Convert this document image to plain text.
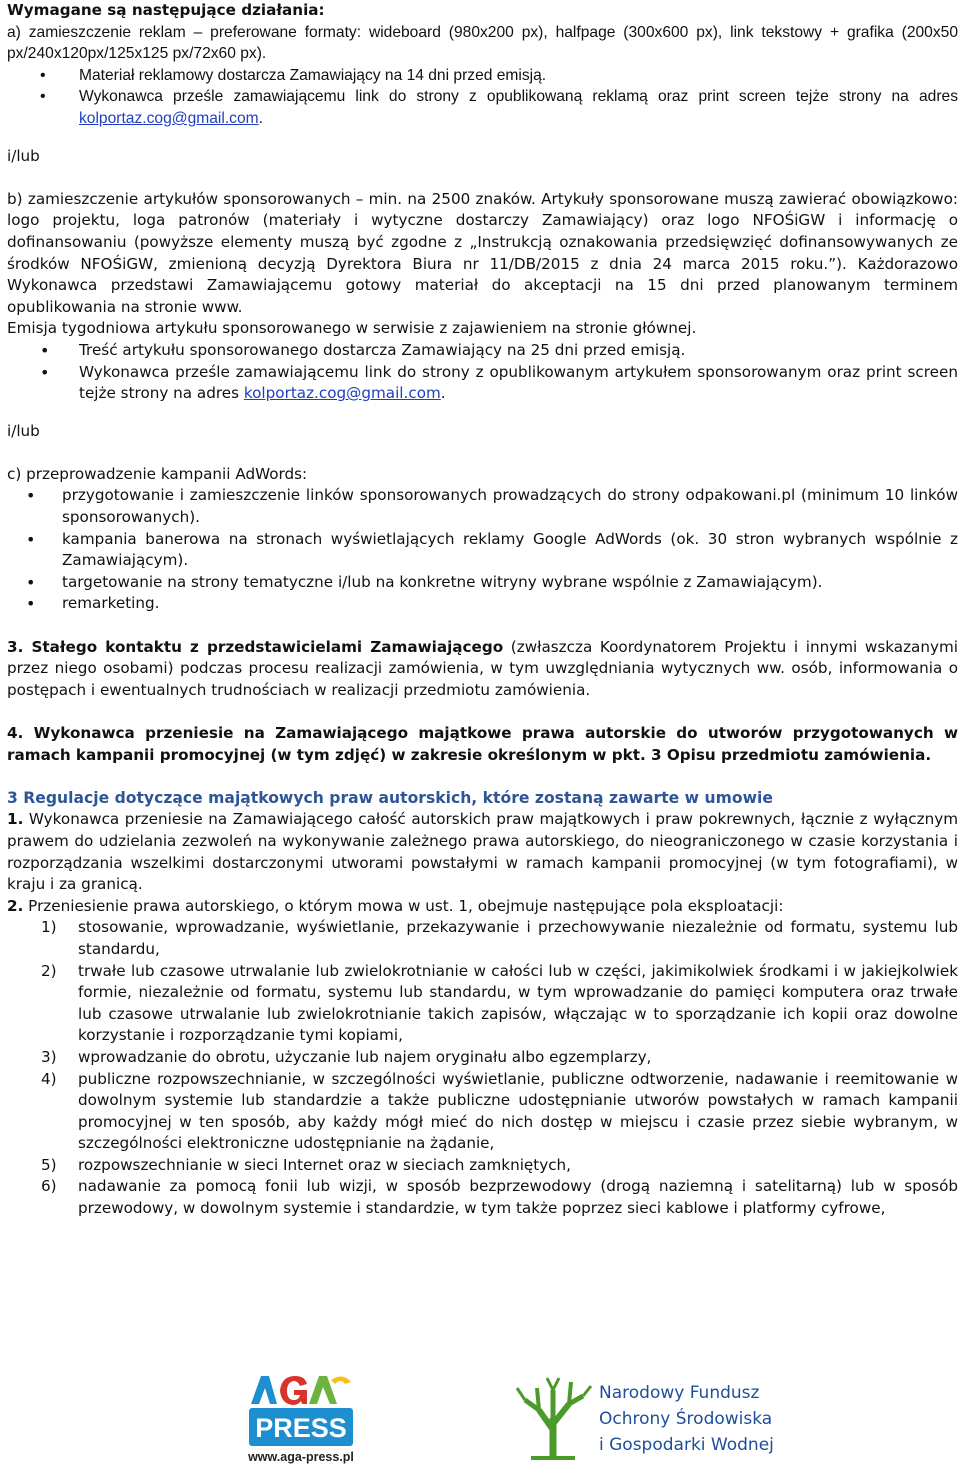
Wymagane są następujące działania:

a) zamieszczenie reklam – preferowane formaty: wideboard (980x200 px), halfpage (300x600 px), link tekstowy + grafika (200x50 px/240x120px/125x125 px/72x60 px).

• Materiał reklamowy dostarcza Zamawiający na 14 dni przed emisją.
• Wykonawca prześle zamawiającemu link do strony z opublikowaną reklamą oraz print screen tejże strony na adres kolportaz.cog@gmail.com.

i/lub

b) zamieszczenie artykułów sponsorowanych – min. na 2500 znaków. Artykuły sponsorowane muszą zawierać obowiązkowo: logo projektu, loga patronów (materiały i wytyczne dostarczy Zamawiający) oraz logo NFOŚiGW i informację o dofinansowaniu (powyższe elementy muszą być zgodne z „Instrukcją oznakowania przedsięwzięć dofinansowywanych ze środków NFOŚiGW, zmienioną decyzją Dyrektora Biura nr 11/DB/2015 z dnia 24 marca 2015 roku.”). Każdorazowo Wykonawca przedstawi Zamawiającemu gotowy materiał do akceptacji na 15 dni przed planowanym terminem opublikowania na stronie www.

Emisja tygodniowa artykułu sponsorowanego w serwisie z zajawieniem na stronie głównej.

• Treść artykułu sponsorowanego dostarcza Zamawiający na 25 dni przed emisją.
• Wykonawca prześle zamawiającemu link do strony z opublikowanym artykułem sponsorowanym oraz print screen tejże strony na adres kolportaz.cog@gmail.com.

i/lub

c) przeprowadzenie kampanii AdWords:

• przygotowanie i zamieszczenie linków sponsorowanych prowadzących do strony odpakowani.pl (minimum 10 linków sponsorowanych).
• kampania banerowa na stronach wyświetlających reklamy Google AdWords (ok. 30 stron wybranych wspólnie z Zamawiającym).
• targetowanie na strony tematyczne i/lub na konkretne witryny wybrane wspólnie z Zamawiającym).
• remarketing.

3. Stałego kontaktu z przedstawicielami Zamawiającego (zwłaszcza Koordynatorem Projektu i innymi wskazanymi przez niego osobami) podczas procesu realizacji zamówienia, w tym uwzględniania wytycznych ww. osób, informowania o postępach i ewentualnych trudnościach w realizacji przedmiotu zamówienia.

4. Wykonawca przeniesie na Zamawiającego majątkowe prawa autorskie do utworów przygotowanych w ramach kampanii promocyjnej (w tym zdjęć) w zakresie określonym w pkt. 3 Opisu przedmiotu zamówienia.

3 Regulacje dotyczące majątkowych praw autorskich, które zostaną zawarte w umowie

1. Wykonawca przeniesie na Zamawiającego całość autorskich praw majątkowych i praw pokrewnych, łącznie z wyłącznym prawem do udzielania zezwoleń na wykonywanie zależnego prawa autorskiego, do nieograniczonego w czasie korzystania i rozporządzania wszelkimi dostarczonymi utworami powstałymi w ramach kampanii promocyjnej (w tym fotografiami), w kraju i za granicą.

2. Przeniesienie prawa autorskiego, o którym mowa w ust. 1, obejmuje następujące pola eksploatacji:

1) stosowanie, wprowadzanie, wyświetlanie, przekazywanie i przechowywanie niezależnie od formatu, systemu lub standardu,
2) trwałe lub czasowe utrwalanie lub zwielokrotnianie w całości lub w części, jakimikolwiek środkami i w jakiejkolwiek formie, niezależnie od formatu, systemu lub standardu, w tym wprowadzanie do pamięci komputera oraz trwałe lub czasowe utrwalanie lub zwielokrotnianie takich zapisów, włączając w to sporządzanie ich kopii oraz dowolne korzystanie i rozporządzanie tymi kopiami,
3) wprowadzanie do obrotu, użyczanie lub najem oryginału albo egzemplarzy,
4) publiczne rozpowszechnianie, w szczególności wyświetlanie, publiczne odtworzenie, nadawanie i reemitowanie w dowolnym systemie lub standardzie a także publiczne udostępnianie utworów powstałych w ramach kampanii promocyjnej w ten sposób, aby każdy mógł mieć do nich dostęp w miejscu i czasie przez siebie wybranym, w szczególności elektroniczne udostępnianie na żądanie,
5) rozpowszechnianie w sieci Internet oraz w sieciach zamkniętych,
6) nadawanie za pomocą fonii lub wizji, w sposób bezprzewodowy (drogą naziemną i satelitarną) lub w sposób przewodowy, w dowolnym systemie i standardzie, w tym także poprzez sieci kablowe i platformy cyfrowe,
PRESS
www.aga-press.pl
Narodowy Fundusz
Ochrony Środowiska
i Gospodarki Wodnej
